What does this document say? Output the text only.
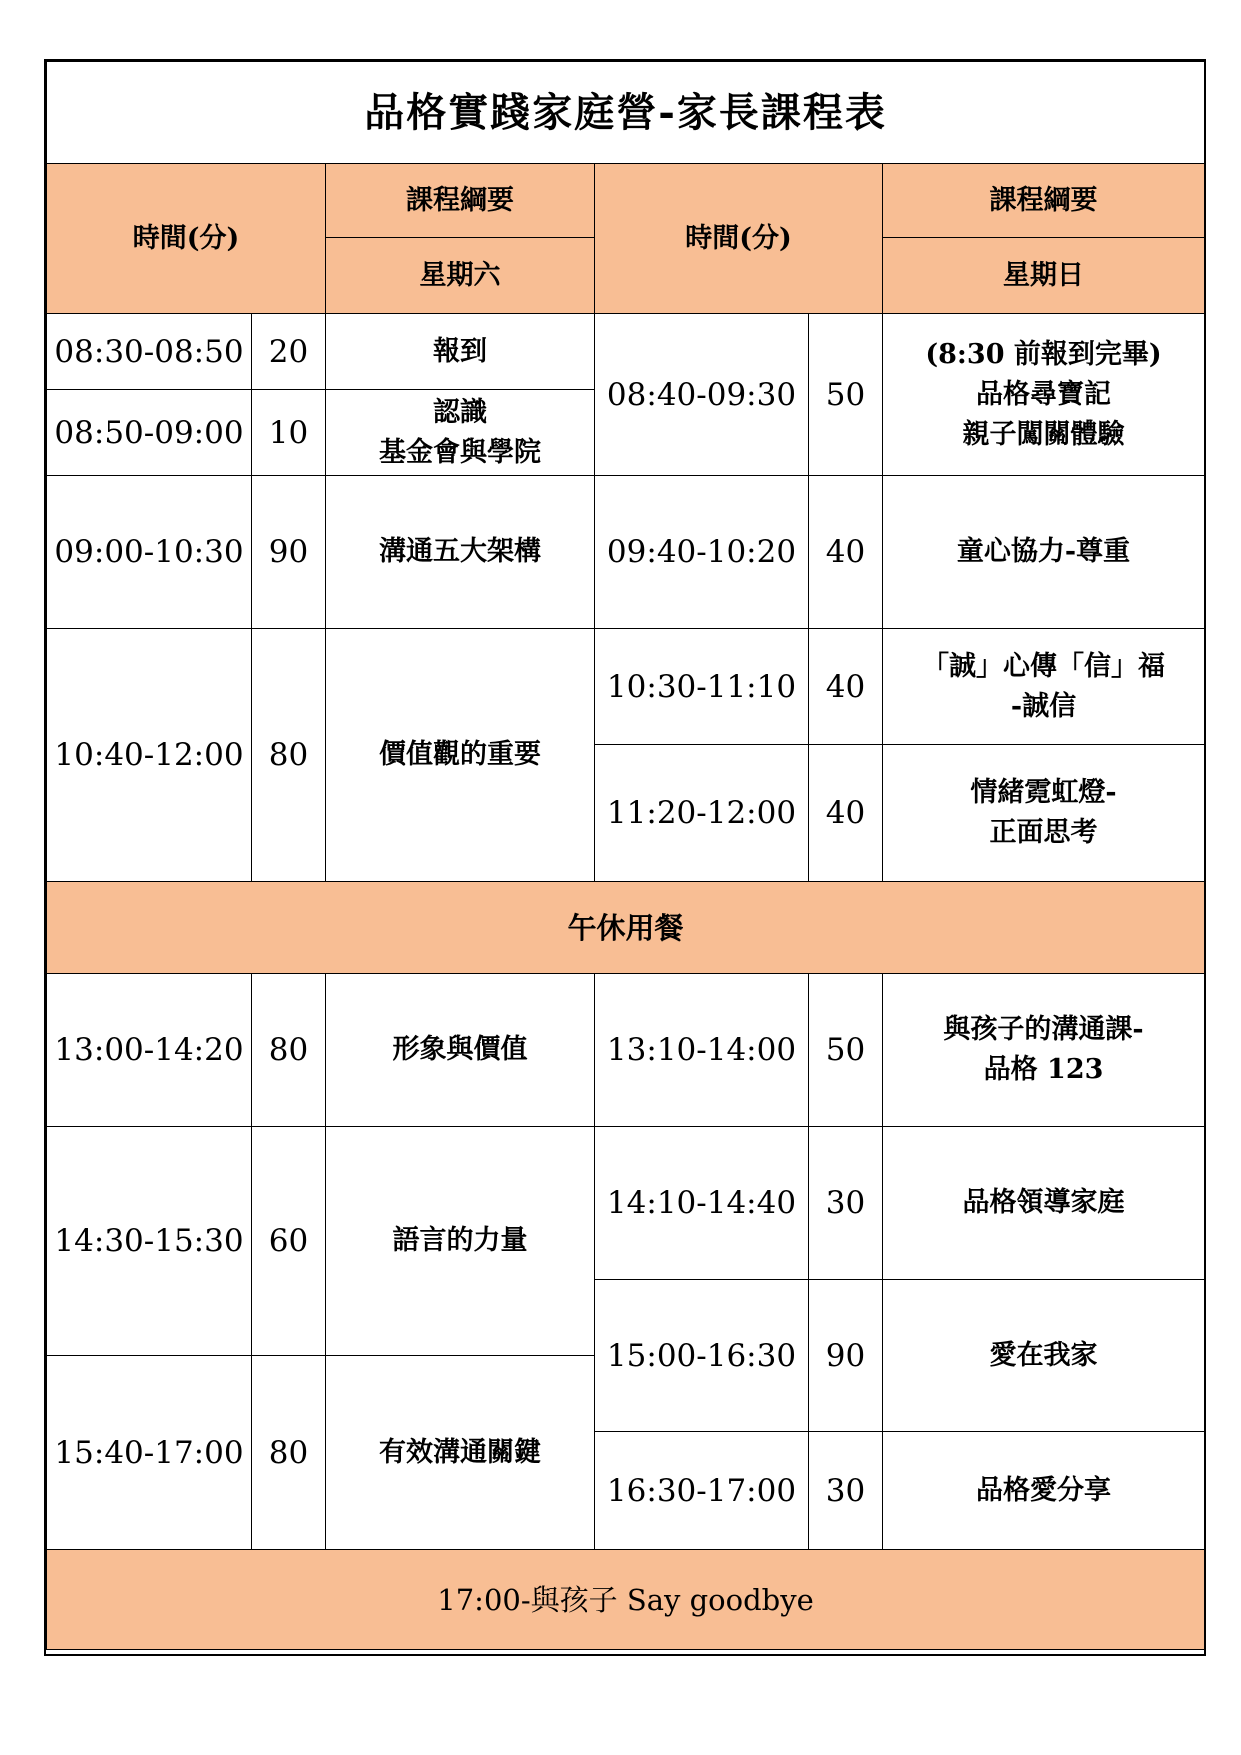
品格實踐家庭營-家長課程表					
時間(分)		課程綱要	時間(分)		課程綱要
		星期六			星期日
08:30-08:50	20	報到	08:40-09:30	50	(8:30 前報到完畢)
品格尋寶記
親子闖關體驗

08:50-09:00	10	認識
基金會與學院			

09:00-10:30	90	溝通五大架構	09:40-10:20	40	童心協力-尊重

10:40-12:00	80	價值觀的重要	10:30-11:10	40	「誠」心傳「信」福
-誠信

			11:20-12:00	40	情緒霓虹燈-
正面思考

午休用餐					
13:00-14:20	80	形象與價值	13:10-14:00	50	與孩子的溝通課-
品格 123

14:30-15:30	60	語言的力量	14:10-14:40	30	品格領導家庭

			15:00-16:30	90	愛在我家

15:40-17:00	80	有效溝通關鍵			

			16:30-17:00	30	品格愛分享

17:00-與孩子 Say goodbye					
